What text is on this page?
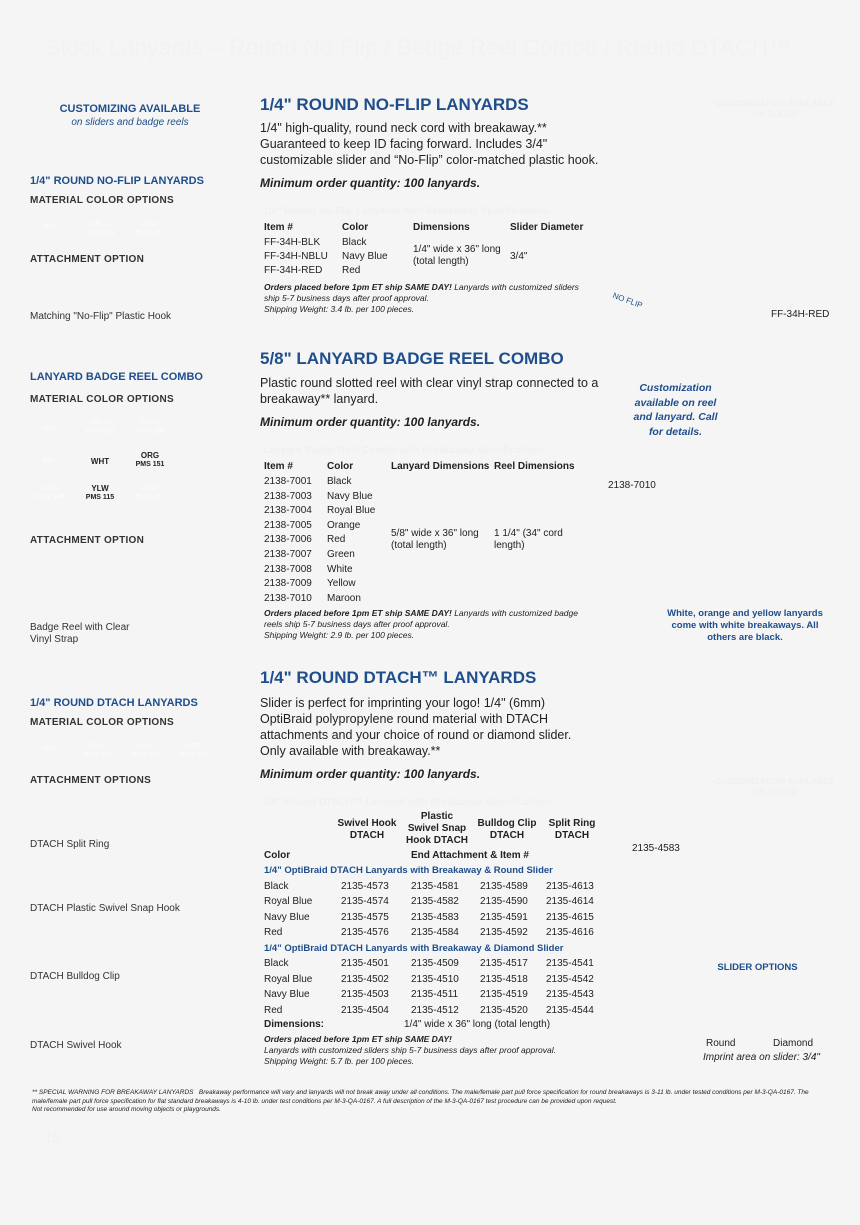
Stock Lanyards – Round No-Flip / Badge Reel Combo / Round DTACH™
CUSTOMIZING AVAILABLE
on sliders and badge reels
1/4" ROUND NO-FLIP LANYARDS
MATERIAL COLOR OPTIONS
BLK	NBLU
PMS 533
RED
PMS 185
ATTACHMENT OPTION
Matching "No-Flip" Plastic Hook
LANYARD BADGE REEL COMBO
MATERIAL COLOR OPTIONS
BLK
NBLU
PMS 533
RBLU
PMS 286
RED	WHT
ORG
PMS 151
GRN
PMS 348
YLW
PMS 115
MAR
PMS 202
ATTACHMENT OPTION
Badge Reel with Clear Vinyl Strap
1/4" ROUND DTACH LANYARDS
MATERIAL COLOR OPTIONS
BLK	RBLU
PMS 286
NBLU
PMS 533
RED
PMS 185
ATTACHMENT OPTIONS
DTACH Split Ring
DTACH Plastic Swivel Snap Hook
DTACH Bulldog Clip
DTACH Swivel Hook
1/4" ROUND NO-FLIP LANYARDS
1/4" high-quality, round neck cord with breakaway.** Guaranteed to keep ID facing forward. Includes 3/4" customizable slider and “No-Flip” color-matched plastic hook.
Minimum order quantity: 100 lanyards.
1/4" Round No-Flip Lanyards with Breakaway Specifications
Item #	Color	Dimensions	Slider Diameter
FF-34H-BLK Black
FF-34H-NBLU Navy Blue
FF-34H-RED Red
1/4" wide x 36" long (total length)	3/4"
Orders placed before 1pm ET ship SAME DAY! Lanyards with customized sliders ship 5-7 business days after proof approval.
Shipping Weight: 3.4 lb. per 100 pieces.
CUSTOMIZATION AVAILABLE ON SLIDER
NO FLIP
FF-34H-RED
5/8" LANYARD BADGE REEL COMBO
Plastic round slotted reel with clear vinyl strap connected to a breakaway** lanyard.
Minimum order quantity: 100 lanyards.
Lanyard Badge Reel Combo with Breakaway Specifications
Item #	Color	Lanyard Dimensions Reel Dimensions
2138-7001 Black
2138-7003 Navy Blue
2138-7004 Royal Blue
2138-7005 Orange
2138-7006 Red
2138-7007 Green
2138-7008 White
2138-7009 Yellow
2138-7010 Maroon
5/8" wide x 36" long (total length)
1 1/4" (34" cord length)
Orders placed before 1pm ET ship SAME DAY! Lanyards with customized badge reels ship 5-7 business days after proof approval.
Shipping Weight: 2.9 lb. per 100 pieces.
Customization available on reel and lanyard. Call for details.
2138-7010
White, orange and yellow lanyards come with white breakaways. All others are black.
1/4" ROUND DTACH™ LANYARDS
Slider is perfect for imprinting your logo! 1/4" (6mm) OptiBraid polypropylene round material with DTACH attachments and your choice of round or diamond slider. Only available with breakaway.**
Minimum order quantity: 100 lanyards.
1/4" Round DTACH™ Lanyard with Breakaway Specifications
Swivel Hook DTACH
Plastic Swivel Snap Hook DTACH
Bulldog Clip DTACH
Split Ring DTACH
Color	End Attachment & Item #
1/4" OptiBraid DTACH Lanyards with Breakaway & Round Slider
Black	2135-4573 2135-4581 2135-4589 2135-4613
Royal Blue	2135-4574 2135-4582 2135-4590 2135-4614
Navy Blue	2135-4575 2135-4583 2135-4591 2135-4615
Red	2135-4576 2135-4584 2135-4592 2135-4616
1/4" OptiBraid DTACH Lanyards with Breakaway & Diamond Slider
Black	2135-4501 2135-4509 2135-4517 2135-4541
Royal Blue	2135-4502 2135-4510 2135-4518 2135-4542
Navy Blue	2135-4503 2135-4511 2135-4519 2135-4543
Red	2135-4504 2135-4512 2135-4520 2135-4544
Dimensions:	1/4" wide x 36" long (total length)
Orders placed before 1pm ET ship SAME DAY!
Lanyards with customized sliders ship 5-7 business days after proof approval.
Shipping Weight: 5.7 lb. per 100 pieces.
CUSTOMIZATION AVAILABLE ON SLIDER
2135-4583
SLIDER OPTIONS
Round	Diamond
Imprint area on slider: 3/4"
** SPECIAL WARNING FOR BREAKAWAY LANYARDS Breakaway performance will vary and lanyards will not break away under all conditions. The male/female part pull force specification for round breakaways is 3-11 lb. under tested conditions per M-3-QA-0167. The male/female part pull force specification for flat standard breakaways is 4-10 lb. under test conditions per M-3-QA-0167. A full description of the M-3-QA-0167 test procedure can be provided upon request.
Not recommended for use around moving objects or playgrounds.
18
